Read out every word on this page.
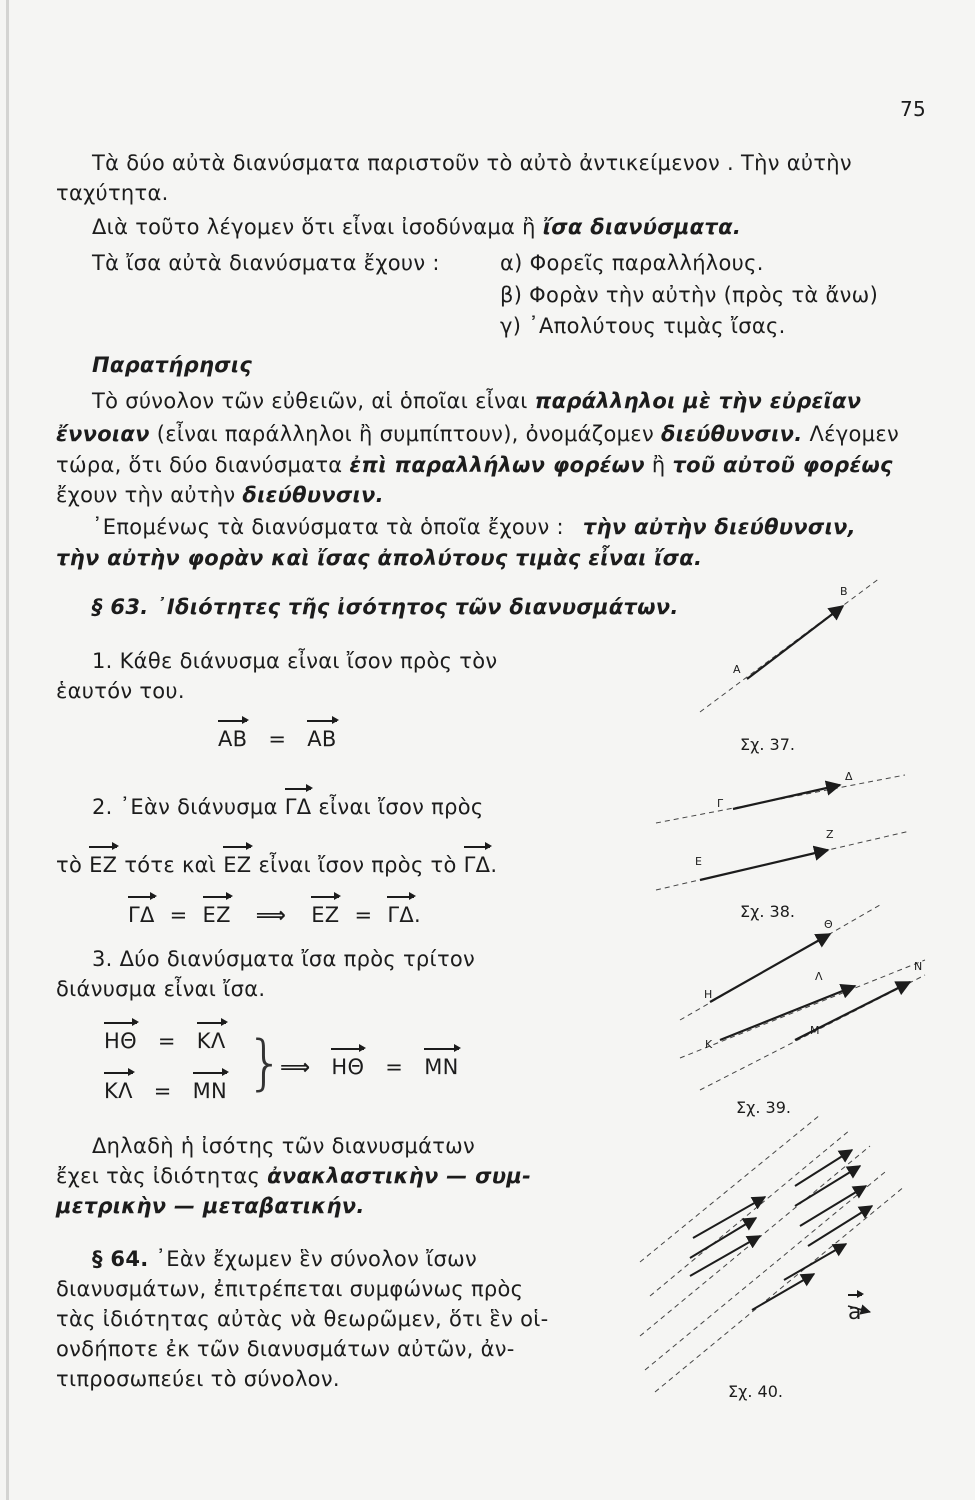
75
Τὰ δύο αὐτὰ διανύσματα παριστοῦν τὸ αὐτὸ ἀντικείμενον . Τὴν αὐτὴν
ταχύτητα.
Διὰ τοῦτο λέγομεν ὅτι εἶναι ἰσοδύναμα ἢ ἴσα διανύσματα.
Τὰ ἴσα αὐτὰ διανύσματα ἔχουν :	α) Φορεῖς παραλλήλους.
β) Φορὰν τὴν αὐτὴν (πρὸς τὰ ἄνω)
γ) ᾿Απολύτους τιμὰς ἴσας.
Παρατήρησις
Τὸ σύνολον τῶν εὐθειῶν, αἱ ὁποῖαι εἶναι παράλληλοι μὲ τὴν εὐρεῖαν
ἔννοιαν (εἶναι παράλληλοι ἢ συμπίπτουν), ὀνομάζομεν διεύθυνσιν. Λέγομεν
τώρα, ὅτι δύο διανύσματα ἐπὶ παραλλήλων φορέων ἢ τοῦ αὐτοῦ φορέως
ἔχουν τὴν αὐτὴν διεύθυνσιν.
᾿Επομένως τὰ διανύσματα τὰ ὁποῖα ἔχουν : τὴν αὐτὴν διεύθυνσιν,
τὴν αὐτὴν φορὰν καὶ ἴσας ἀπολύτους τιμὰς εἶναι ἴσα.
§ 63. ᾿Ιδιότητες τῆς ἰσότητος τῶν διανυσμάτων.
1. Κάθε διάνυσμα εἶναι ἴσον πρὸς τὸν
ἑαυτόν του.
ΑΒ = ΑΒ
2. ᾿Εὰν διάνυσμα ΓΔ εἶναι ἴσον πρὸς
τὸ ΕΖ τότε καὶ ΕΖ εἶναι ἴσον πρὸς τὸ ΓΔ.
ΓΔ = ΕΖ ⟹ ΕΖ = ΓΔ.
3. Δύο διανύσματα ἴσα πρὸς τρίτον
διάνυσμα εἶναι ἴσα.
ΗΘ = ΚΛ
ΚΛ = ΜΝ }
⟹ ΗΘ = ΜΝ
Δηλαδὴ ἡ ἰσότης τῶν διανυσμάτων
ἔχει τὰς ἰδιότητας ἀνακλαστικὴν — συμ-
μετρικὴν — μεταβατικήν.
§ 64. ᾿Εὰν ἔχωμεν ἓν σύνολον ἴσων
διανυσμάτων, ἐπιτρέπεται συμφώνως πρὸς
τὰς ἰδιότητας αὐτὰς νὰ θεωρῶμεν, ὅτι ἓν οἱ-
ονδήποτε ἐκ τῶν διανυσμάτων αὐτῶν, ἀν-
τιπροσωπεύει τὸ σύνολον.
Β
Α
Σχ. 37.
Δ
Γ
Ζ
Ε
Σχ. 38.
Θ
Ν
Λ
Η
Μ
Κ
Σχ. 39.
a
Σχ. 40.
